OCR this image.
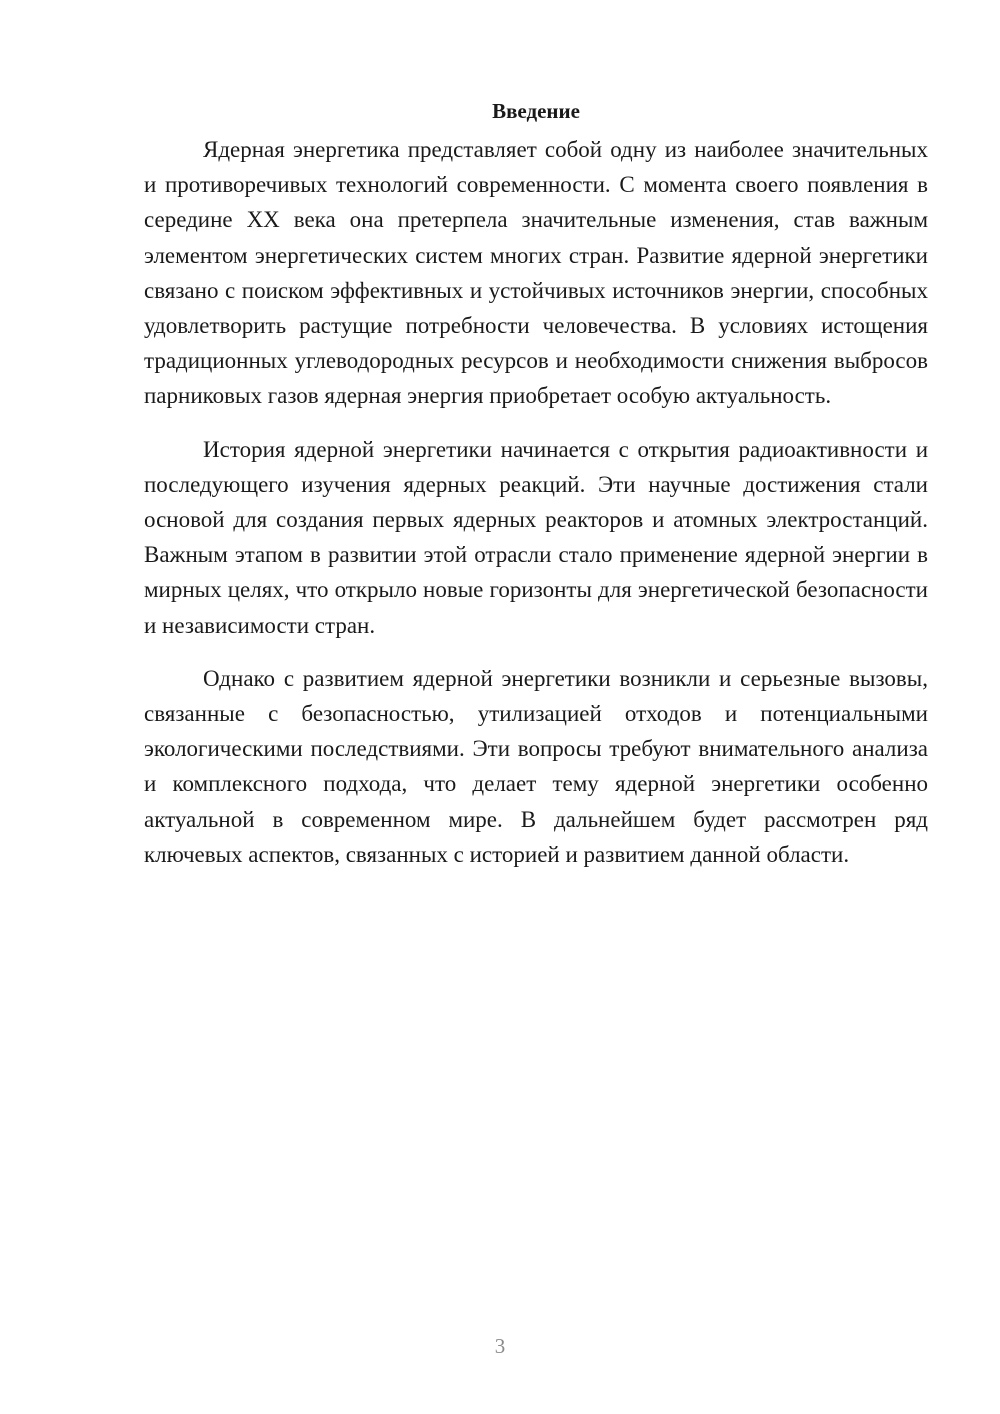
Введение

Ядерная энергетика представляет собой одну из наиболее значительных и противоречивых технологий современности. С момента своего появления в середине XX века она претерпела значительные изменения, став важным элементом энергетических систем многих стран. Развитие ядерной энергетики связано с поиском эффективных и устойчивых источников энергии, способных удовлетворить растущие потребности человечества. В условиях истощения традиционных углеводородных ресурсов и необходимости снижения выбросов парниковых газов ядерная энергия приобретает особую актуальность.

История ядерной энергетики начинается с открытия радиоактивности и последующего изучения ядерных реакций. Эти научные достижения стали основой для создания первых ядерных реакторов и атомных электростанций. Важным этапом в развитии этой отрасли стало применение ядерной энергии в мирных целях, что открыло новые горизонты для энергетической безопасности и независимости стран.

Однако с развитием ядерной энергетики возникли и серьезные вызовы, связанные с безопасностью, утилизацией отходов и потенциальными экологическими последствиями. Эти вопросы требуют внимательного анализа и комплексного подхода, что делает тему ядерной энергетики особенно актуальной в современном мире. В дальнейшем будет рассмотрен ряд ключевых аспектов, связанных с историей и развитием данной области.

3
